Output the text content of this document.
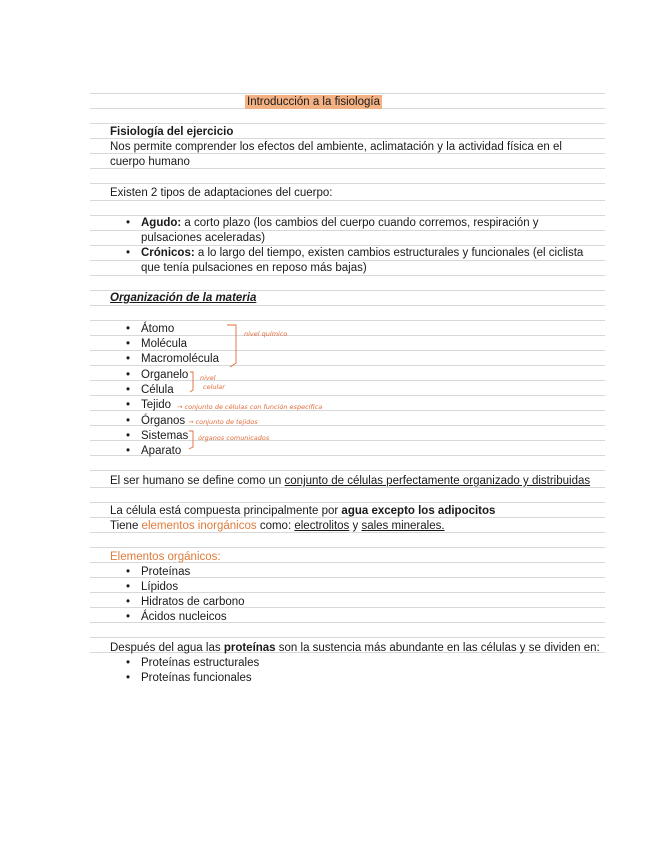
Introducción a la fisiología
Fisiología del ejercicio
Nos permite comprender los efectos del ambiente, aclimatación y la actividad física en el
cuerpo humano
Existen 2 tipos de adaptaciones del cuerpo:
• Agudo: a corto plazo (los cambios del cuerpo cuando corremos, respiración y
pulsaciones aceleradas)
• Crónicos: a lo largo del tiempo, existen cambios estructurales y funcionales (el ciclista
que tenía pulsaciones en reposo más bajas)
Organización de la materia
• Átomo
• Molécula
• Macromolécula
• Organelo
• Célula
• Tejido
• Órganos
• Sistemas
• Aparato
nivel químico
nivel
celular
→ conjunto de células con función específica
→ conjunto de tejidos
órganos comunicados
El ser humano se define como un conjunto de células perfectamente organizado y distribuidas
La célula está compuesta principalmente por agua excepto los adipocitos
Tiene elementos inorgánicos como: electrolitos y sales minerales.
Elementos orgánicos:
• Proteínas
• Lípidos
• Hidratos de carbono
• Ácidos nucleicos
Después del agua las proteínas son la sustencia más abundante en las células y se dividen en:
• Proteínas estructurales
• Proteínas funcionales
